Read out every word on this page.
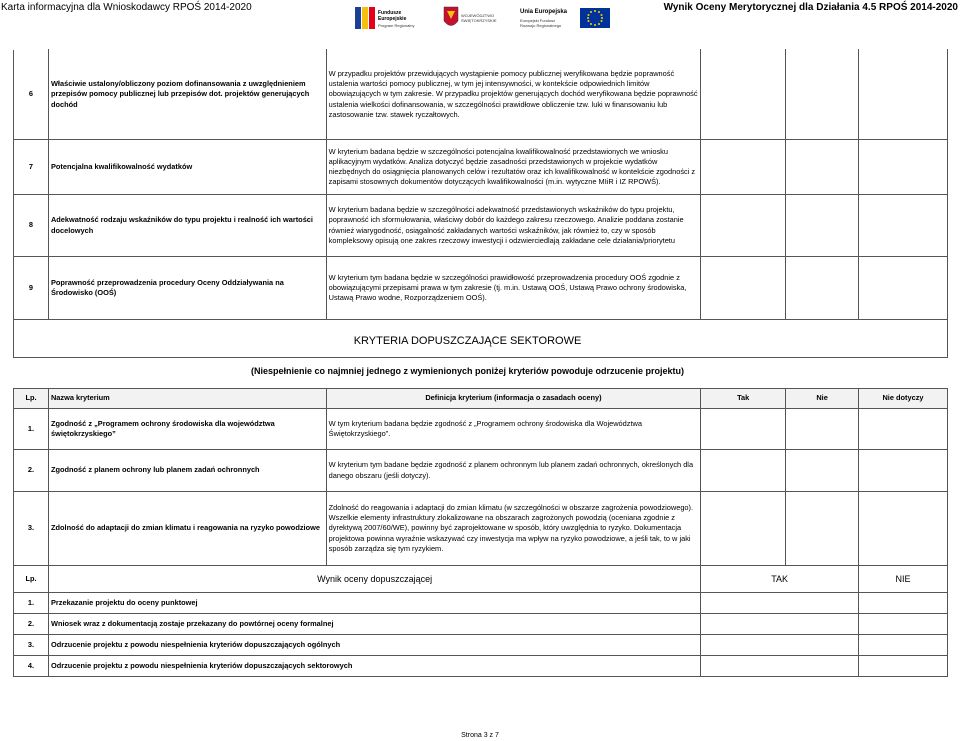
Karta informacyjna dla Wnioskodawcy RPOŚ 2014-2020	Fundusze Europejskie
Program Regionalny
WOJEWÓDZTWO ŚWIĘTOKRZYSKIE
Unia Europejska
Europejski Fundusz
Rozwoju Regionalnego
Wynik Oceny Merytorycznej dla Działania 4.5 RPOŚ 2014-2020
6	Właściwie ustalony/obliczony poziom dofinansowania z uwzględnieniem przepisów pomocy publicznej lub przepisów dot. projektów generujących dochód	W przypadku projektów przewidujących wystąpienie pomocy publicznej weryfikowana będzie poprawność ustalenia wartości pomocy publicznej, w tym jej intensywności, w kontekście odpowiednich limitów obowiązujących w tym zakresie. W przypadku projektów generujących dochód weryfikowana będzie poprawność ustalenia wielkości dofinansowania, w szczególności prawidłowe obliczenie tzw. luki w finansowaniu lub zastosowanie tzw. stawek ryczałtowych.			
7	Potencjalna kwalifikowalność wydatków	W kryterium badana będzie w szczególności potencjalna kwalifikowalność przedstawionych we wniosku aplikacyjnym wydatków. Analiza dotyczyć będzie zasadności przedstawionych w projekcie wydatków niezbędnych do osiągnięcia planowanych celów i rezultatów oraz ich kwalifikowalność w kontekście zgodności z zapisami stosownych dokumentów dotyczących kwalifikowalności (m.in. wytyczne MIiR i IZ RPOWŚ).			
8	Adekwatność rodzaju wskaźników do typu projektu i realność ich wartości docelowych	W kryterium badana będzie w szczególności adekwatność przedstawionych wskaźników do typu projektu, poprawność ich sformułowania, właściwy dobór do każdego zakresu rzeczowego. Analizie poddana zostanie również wiarygodność, osiągalność zakładanych wartości wskaźników, jak również to, czy w sposób kompleksowy opisują one zakres rzeczowy inwestycji i odzwierciedlają zakładane cele działania/priorytetu			
9	Poprawność przeprowadzenia procedury Oceny Oddziaływania na Środowisko (OOŚ)	W kryterium tym badana będzie w szczególności prawidłowość przeprowadzenia procedury OOŚ zgodnie z obowiązującymi przepisami prawa w tym zakresie (tj. m.in. Ustawą OOŚ, Ustawą Prawo ochrony środowiska, Ustawą Prawo wodne, Rozporządzeniem OOŚ).			
KRYTERIA DOPUSZCZAJĄCE SEKTOROWE
(Niespełnienie co najmniej jednego z wymienionych poniżej kryteriów powoduje odrzucenie projektu)
Lp.	Nazwa kryterium	Definicja kryterium (informacja o zasadach oceny)	Tak	Nie	Nie dotyczy
1.	Zgodność z „Programem ochrony środowiska dla województwa świętokrzyskiego”	W tym kryterium badana będzie zgodność z „Programem ochrony środowiska dla Województwa Świętokrzyskiego”.			
2.	Zgodność z planem ochrony lub planem zadań ochronnych	W kryterium tym badane będzie zgodność z planem ochronnym lub planem zadań ochronnych, określonych dla danego obszaru (jeśli dotyczy).			
3.	Zdolność do adaptacji do zmian klimatu i reagowania na ryzyko powodziowe	Zdolność do reagowania i adaptacji do zmian klimatu (w szczególności w obszarze zagrożenia powodziowego). Wszelkie elementy infrastruktury zlokalizowane na obszarach zagrożonych powodzią (oceniana zgodnie z dyrektywą 2007/60/WE), powinny być zaprojektowane w sposób, który uwzględnia to ryzyko. Dokumentacja projektowa powinna wyraźnie wskazywać czy inwestycja ma wpływ na ryzyko powodziowe, a jeśli tak, to w jaki sposób zarządza się tym ryzykiem.			
Lp.	Wynik oceny dopuszczającej	TAK	NIE
1.	Przekazanie projektu do oceny punktowej		
2.	Wniosek wraz z dokumentacją zostaje przekazany do powtórnej oceny formalnej		
3.	Odrzucenie projektu z powodu niespełnienia kryteriów dopuszczających ogólnych		
4.	Odrzucenie projektu z powodu niespełnienia kryteriów dopuszczających sektorowych		
Strona 3 z 7
